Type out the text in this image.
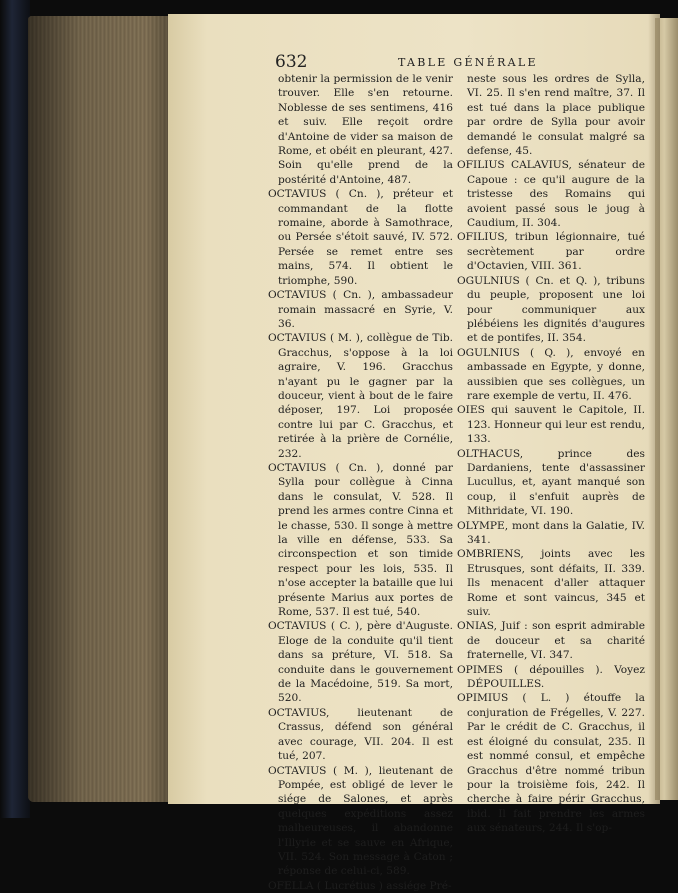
632	TABLE GÉNÉRALE

obtenir la permission de le venir trouver. Elle s'en retourne. Noblesse de ses sentimens, 416 et suiv. Elle reçoit ordre d'Antoine de vider sa maison de Rome, et obéit en pleurant, 427. Soin qu'elle prend de la postérité d'Antoine, 487.

OCTAVIUS ( Cn. ), préteur et commandant de la flotte romaine, aborde à Samothrace, ou Persée s'étoit sauvé, IV. 572. Persée se remet entre ses mains, 574. Il obtient le triomphe, 590.

OCTAVIUS ( Cn. ), ambassadeur romain massacré en Syrie, V. 36.

OCTAVIUS ( M. ), collègue de Tib. Gracchus, s'oppose à la loi agraire, V. 196. Gracchus n'ayant pu le gagner par la douceur, vient à bout de le faire déposer, 197. Loi proposée contre lui par C. Gracchus, et retirée à la prière de Cornélie, 232.

OCTAVIUS ( Cn. ), donné par Sylla pour collègue à Cinna dans le consulat, V. 528. Il prend les armes contre Cinna et le chasse, 530. Il songe à mettre la ville en défense, 533. Sa circonspection et son timide respect pour les lois, 535. Il n'ose accepter la bataille que lui présente Marius aux portes de Rome, 537. Il est tué, 540.

OCTAVIUS ( C. ), père d'Auguste. Eloge de la conduite qu'il tient dans sa préture, VI. 518. Sa conduite dans le gouvernement de la Macédoine, 519. Sa mort, 520.

OCTAVIUS, lieutenant de Crassus, défend son général avec courage, VII. 204. Il est tué, 207.

OCTAVIUS ( M. ), lieutenant de Pompée, est obligé de lever le siége de Salones, et après quelques expéditions assez malheureuses, il abandonne l'Illyrie et se sauve en Afrique, VII. 524. Son message à Caton ; réponse de celui-ci, 589.

OFELLA ( Lucrétius ) assiége Pré-

neste sous les ordres de Sylla, VI. 25. Il s'en rend maître, 37. Il est tué dans la place publique par ordre de Sylla pour avoir demandé le consulat malgré sa defense, 45.

OFILIUS CALAVIUS, sénateur de Capoue : ce qu'il augure de la tristesse des Romains qui avoient passé sous le joug à Caudium, II. 304.

OFILIUS, tribun légionnaire, tué secrètement par ordre d'Octavien, VIII. 361.

OGULNIUS ( Cn. et Q. ), tribuns du peuple, proposent une loi pour communiquer aux plébéiens les dignités d'augures et de pontifes, II. 354.

OGULNIUS ( Q. ), envoyé en ambassade en Egypte, y donne, aussibien que ses collègues, un rare exemple de vertu, II. 476.

OIES qui sauvent le Capitole, II. 123. Honneur qui leur est rendu, 133.

OLTHACUS, prince des Dardaniens, tente d'assassiner Lucullus, et, ayant manqué son coup, il s'enfuit auprès de Mithridate, VI. 190.

OLYMPE, mont dans la Galatie, IV. 341.

OMBRIENS, joints avec les Etrusques, sont défaits, II. 339. Ils menacent d'aller attaquer Rome et sont vaincus, 345 et suiv.

ONIAS, Juif : son esprit admirable de douceur et sa charité fraternelle, VI. 347.

OPIMES ( dépouilles ). Voyez DÉPOUILLES.

OPIMIUS ( L. ) étouffe la conjuration de Frégelles, V. 227. Par le crédit de C. Gracchus, il est éloigné du consulat, 235. Il est nommé consul, et empêche Gracchus d'être nommé tribun pour la troisième fois, 242. Il cherche à faire périr Gracchus, ibid. Il fait prendre les armes aux sénateurs, 244. Il s'op-
